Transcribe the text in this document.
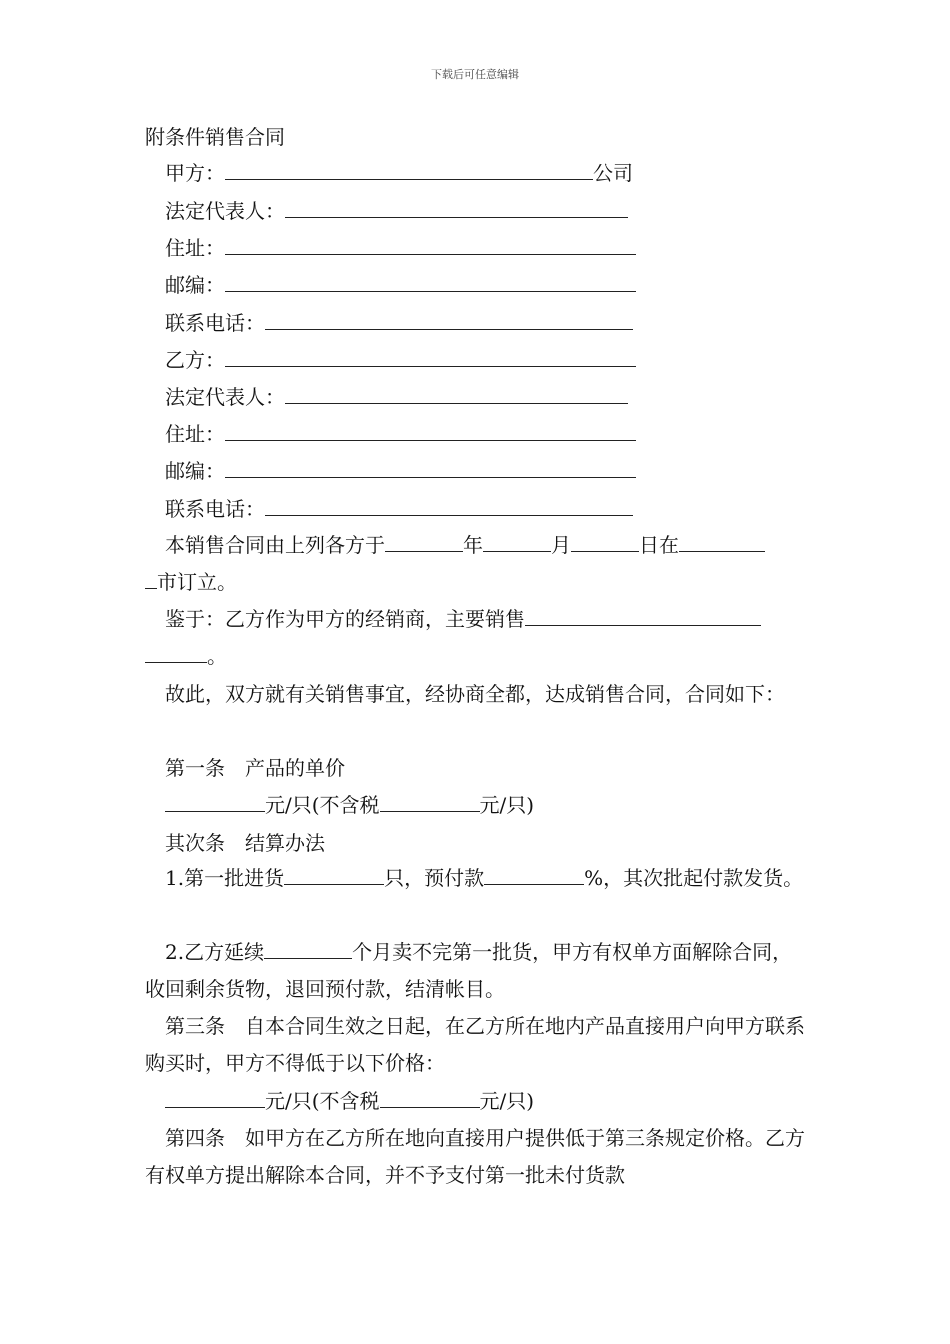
下载后可任意编辑
附条件销售合同
甲方：	公司
法定代表人：
住址：
邮编：
联系电话：
乙方：
法定代表人：
住址：
邮编：
联系电话：
本销售合同由上列各方于	年	月	日在
市订立。
鉴于：乙方作为甲方的经销商，主要销售
。
故此，双方就有关销售事宜，经协商全都，达成销售合同，合同如下：
第一条　产品的单价
元/只(不含税	元/只)
其次条　结算办法
1.第一批进货	只，预付款	%，其次批起付款发货。
2.乙方延续	个月卖不完第一批货，甲方有权单方面解除合同，收回剩余货物，退回预付款，结清帐目。
第三条　自本合同生效之日起，在乙方所在地内产品直接用户向甲方联系购买时，甲方不得低于以下价格：
元/只(不含税	元/只)
第四条　如甲方在乙方所在地向直接用户提供低于第三条规定价格。乙方有权单方提出解除本合同，并不予支付第一批未付货款
